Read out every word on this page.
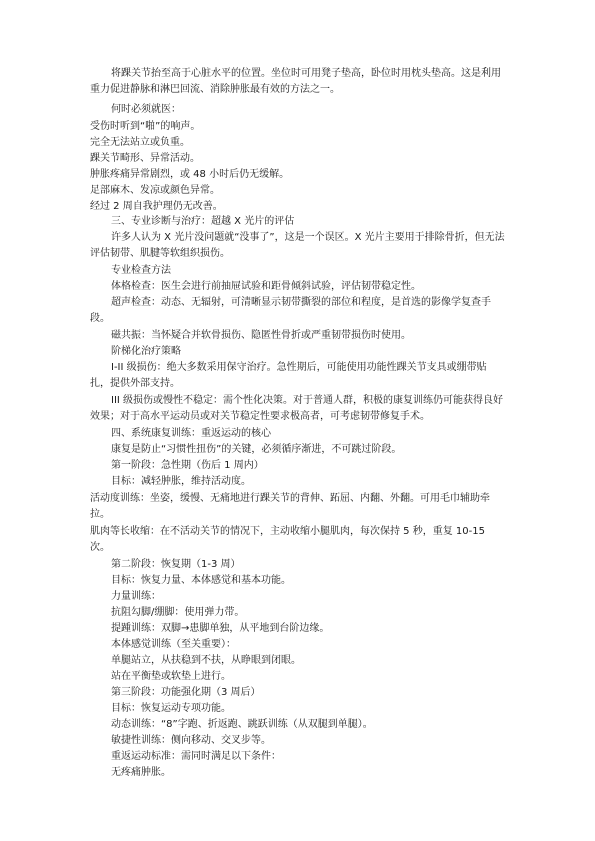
将踝关节抬至高于心脏水平的位置。坐位时可用凳子垫高，卧位时用枕头垫高。这是利用重力促进静脉和淋巴回流、消除肿胀最有效的方法之一。

何时必须就医：

受伤时听到“啪”的响声。

完全无法站立或负重。

踝关节畸形、异常活动。

肿胀疼痛异常剧烈，或 48 小时后仍无缓解。

足部麻木、发凉或颜色异常。

经过 2 周自我护理仍无改善。

三、专业诊断与治疗：超越 X 光片的评估

许多人认为 X 光片没问题就“没事了”，这是一个误区。X 光片主要用于排除骨折，但无法评估韧带、肌腱等软组织损伤。

专业检查方法

体格检查：医生会进行前抽屉试验和距骨倾斜试验，评估韧带稳定性。

超声检查：动态、无辐射，可清晰显示韧带撕裂的部位和程度，是首选的影像学复查手段。

磁共振：当怀疑合并软骨损伤、隐匿性骨折或严重韧带损伤时使用。

阶梯化治疗策略

I-II 级损伤：绝大多数采用保守治疗。急性期后，可能使用功能性踝关节支具或绷带贴扎，提供外部支持。

III 级损伤或慢性不稳定：需个性化决策。对于普通人群，积极的康复训练仍可能获得良好效果；对于高水平运动员或对关节稳定性要求极高者，可考虑韧带修复手术。

四、系统康复训练：重返运动的核心

康复是防止“习惯性扭伤”的关键，必须循序渐进，不可跳过阶段。

第一阶段：急性期（伤后 1 周内）

目标：减轻肿胀，维持活动度。

活动度训练：坐姿，缓慢、无痛地进行踝关节的背伸、跖屈、内翻、外翻。可用毛巾辅助牵拉。

肌肉等长收缩：在不活动关节的情况下，主动收缩小腿肌肉，每次保持 5 秒，重复 10-15 次。

第二阶段：恢复期（1-3 周）

目标：恢复力量、本体感觉和基本功能。

力量训练：

抗阻勾脚/绷脚：使用弹力带。

提踵训练：双脚→患脚单独，从平地到台阶边缘。

本体感觉训练（至关重要）：

单腿站立，从扶稳到不扶，从睁眼到闭眼。

站在平衡垫或软垫上进行。

第三阶段：功能强化期（3 周后）

目标：恢复运动专项功能。

动态训练：“8”字跑、折返跑、跳跃训练（从双腿到单腿）。

敏捷性训练：侧向移动、交叉步等。

重返运动标准：需同时满足以下条件：

无疼痛肿胀。
